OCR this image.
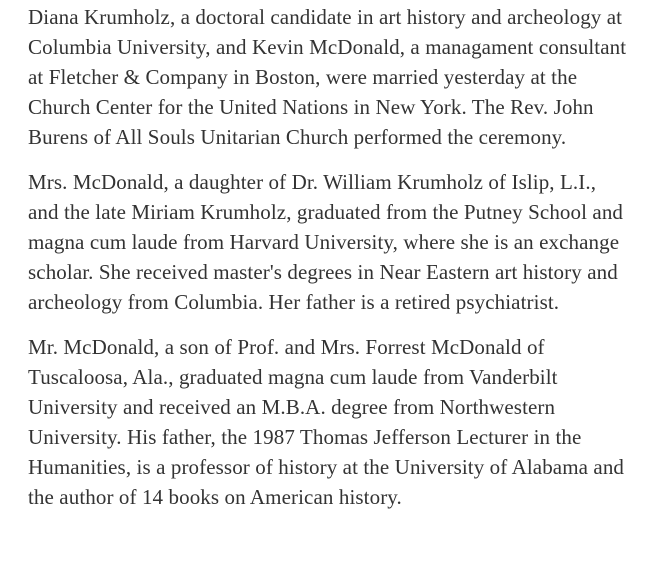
Diana Krumholz, a doctoral candidate in art history and archeology at Columbia University, and Kevin McDonald, a managament consultant at Fletcher & Company in Boston, were married yesterday at the Church Center for the United Nations in New York. The Rev. John Burens of All Souls Unitarian Church performed the ceremony.

Mrs. McDonald, a daughter of Dr. William Krumholz of Islip, L.I., and the late Miriam Krumholz, graduated from the Putney School and magna cum laude from Harvard University, where she is an exchange scholar. She received master's degrees in Near Eastern art history and archeology from Columbia. Her father is a retired psychiatrist.

Mr. McDonald, a son of Prof. and Mrs. Forrest McDonald of Tuscaloosa, Ala., graduated magna cum laude from Vanderbilt University and received an M.B.A. degree from Northwestern University. His father, the 1987 Thomas Jefferson Lecturer in the Humanities, is a professor of history at the University of Alabama and the author of 14 books on American history.
